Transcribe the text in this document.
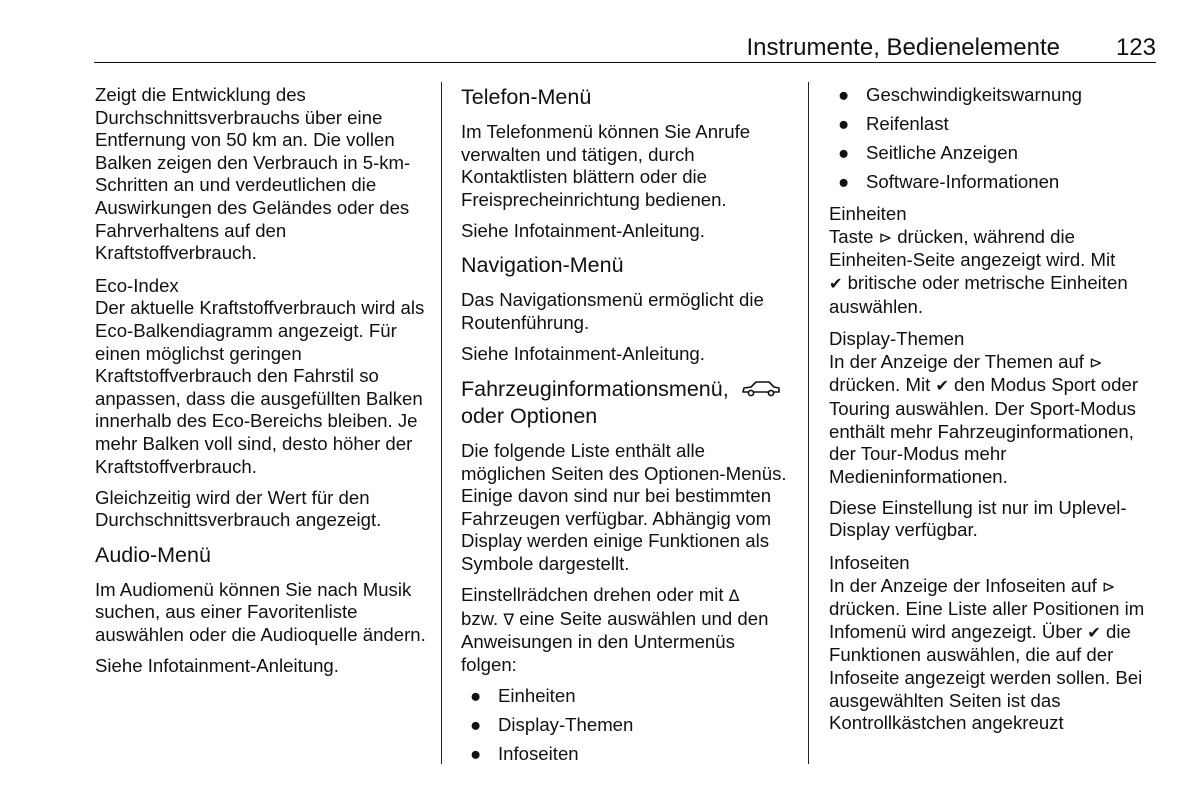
Instrumente, Bedienelemente 123

Zeigt die Entwicklung des Durchschnittsverbrauchs über eine Entfernung von 50 km an. Die vollen Balken zeigen den Verbrauch in 5-km-Schritten an und verdeutlichen die Auswirkungen des Geländes oder des Fahrverhaltens auf den Kraftstoffverbrauch.

Eco-Index

Der aktuelle Kraftstoffverbrauch wird als Eco-Balkendiagramm angezeigt. Für einen möglichst geringen Kraftstoffverbrauch den Fahrstil so anpassen, dass die ausgefüllten Balken innerhalb des Eco-Bereichs bleiben. Je mehr Balken voll sind, desto höher der Kraftstoffverbrauch.

Gleichzeitig wird der Wert für den Durchschnittsverbrauch angezeigt.

Audio-Menü

Im Audiomenü können Sie nach Musik suchen, aus einer Favoritenliste auswählen oder die Audioquelle ändern.

Siehe Infotainment-Anleitung.

Telefon-Menü

Im Telefonmenü können Sie Anrufe verwalten und tätigen, durch Kontaktlisten blättern oder die Freisprecheinrichtung bedienen.

Siehe Infotainment-Anleitung.

Navigation-Menü

Das Navigationsmenü ermöglicht die Routenführung.

Siehe Infotainment-Anleitung.

Fahrzeuginformationsmenü,
oder Optionen

Die folgende Liste enthält alle möglichen Seiten des Optionen-Menüs. Einige davon sind nur bei bestimmten Fahrzeugen verfügbar. Abhängig vom Display werden einige Funktionen als Symbole dargestellt.

Einstellrädchen drehen oder mit ∆
bzw. ∇ eine Seite auswählen und den Anweisungen in den Untermenüs folgen:

● Einheiten
● Display-Themen
● Infoseiten
● Geschwindigkeitswarnung
● Reifenlast
● Seitliche Anzeigen
● Software-Informationen
Einheiten

Taste ⊳ drücken, während die Einheiten-Seite angezeigt wird. Mit
✔ britische oder metrische Einheiten auswählen.

Display-Themen

In der Anzeige der Themen auf ⊳
drücken. Mit ✔ den Modus Sport oder Touring auswählen. Der Sport-Modus enthält mehr Fahrzeuginformationen, der Tour-Modus mehr Medieninformationen.

Diese Einstellung ist nur im Uplevel-Display verfügbar.

Infoseiten

In der Anzeige der Infoseiten auf ⊳
drücken. Eine Liste aller Positionen im Infomenü wird angezeigt. Über ✔ die Funktionen auswählen, die auf der Infoseite angezeigt werden sollen. Bei ausgewählten Seiten ist das Kontrollkästchen angekreuzt
